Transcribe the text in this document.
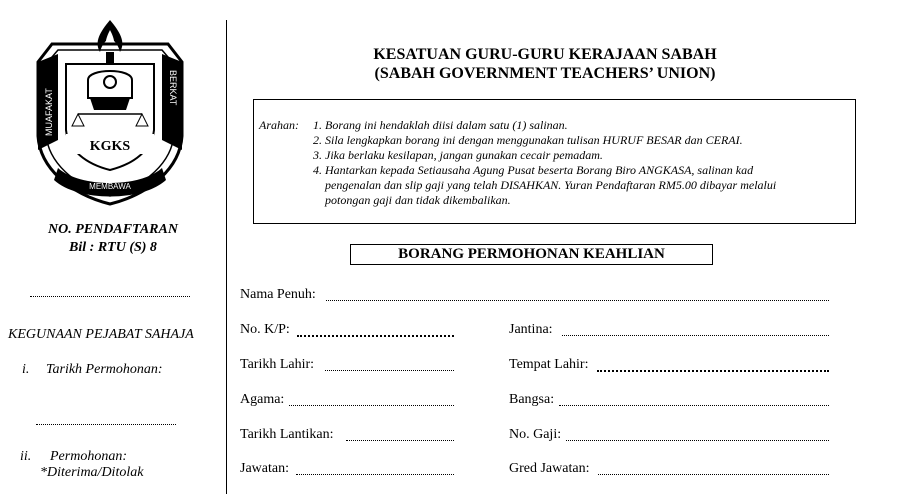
KGKS
MUAFAKAT
BERKAT
MEMBAWA
NO. PENDAFTARAN
Bil : RTU (S) 8
KEGUNAAN PEJABAT SAHAJA
i. Tarikh Permohonan:
ii. Permohonan:
*Diterima/Ditolak
KESATUAN GURU-GURU KERAJAAN SABAH
(SABAH GOVERNMENT TEACHERS’ UNION)
Arahan: 1. Borang ini hendaklah diisi dalam satu (1) salinan.
2. Sila lengkapkan borang ini dengan menggunakan tulisan HURUF BESAR dan CERAI.
3. Jika berlaku kesilapan, jangan gunakan cecair pemadam.
4. Hantarkan kepada Setiausaha Agung Pusat beserta Borang Biro ANGKASA, salinan kad
pengenalan dan slip gaji yang telah DISAHKAN. Yuran Pendaftaran RM5.00 dibayar melalui
potongan gaji dan tidak dikembalikan.
BORANG PERMOHONAN KEAHLIAN
Nama Penuh:
No. K/P:	Jantina:
Tarikh Lahir:	Tempat Lahir:
Agama:	Bangsa:
Tarikh Lantikan:	No. Gaji:
Jawatan:	Gred Jawatan:
